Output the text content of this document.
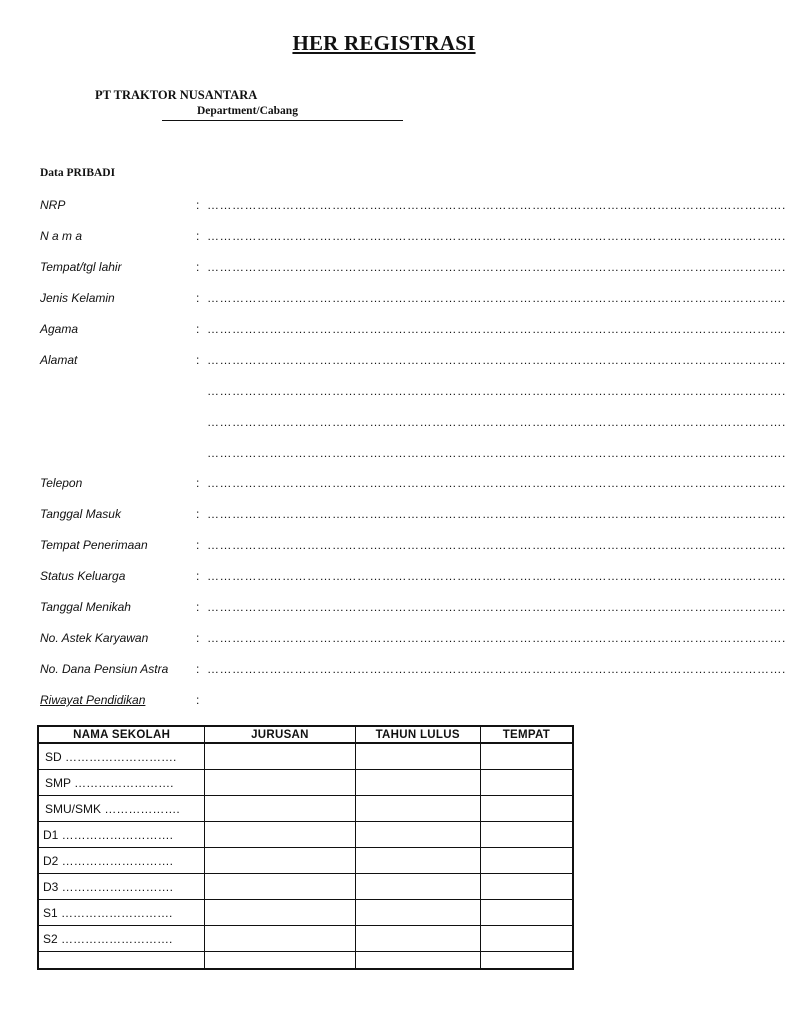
HER REGISTRASI
PT TRAKTOR NUSANTARA
Department/Cabang
Data PRIBADI
NRP	: ………………………………………………………………………………………………………………………….
N a m a	: ………………………………………………………………………………………………………………………….
Tempat/tgl lahir	: ………………………………………………………………………………………………………………………….
Jenis Kelamin	: ………………………………………………………………………………………………………………………….
Agama	: ………………………………………………………………………………………………………………………….
Alamat	: ………………………………………………………………………………………………………………………….
………………………………………………………………………………………………………………………….
………………………………………………………………………………………………………………………….
………………………………………………………………………………………………………………………….
Telepon	: ………………………………………………………………………………………………………………………….
Tanggal Masuk	: ………………………………………………………………………………………………………………………….
Tempat Penerimaan	: ………………………………………………………………………………………………………………………….
Status Keluarga	: ………………………………………………………………………………………………………………………….
Tanggal Menikah	: ………………………………………………………………………………………………………………………….
No. Astek Karyawan	: ………………………………………………………………………………………………………………………….
No. Dana Pensiun Astra : ………………………………………………………………………………………………………………………….
Riwayat Pendidikan	:
NAMA SEKOLAH	JURUSAN	TAHUN LULUS	TEMPAT
SD ……………………….			
SMP …………………….			
SMU/SMK ……………….			
D1 ……………………….			
D2 ……………………….			
D3 ……………………….			
S1 ……………………….			
S2 ……………………….			
